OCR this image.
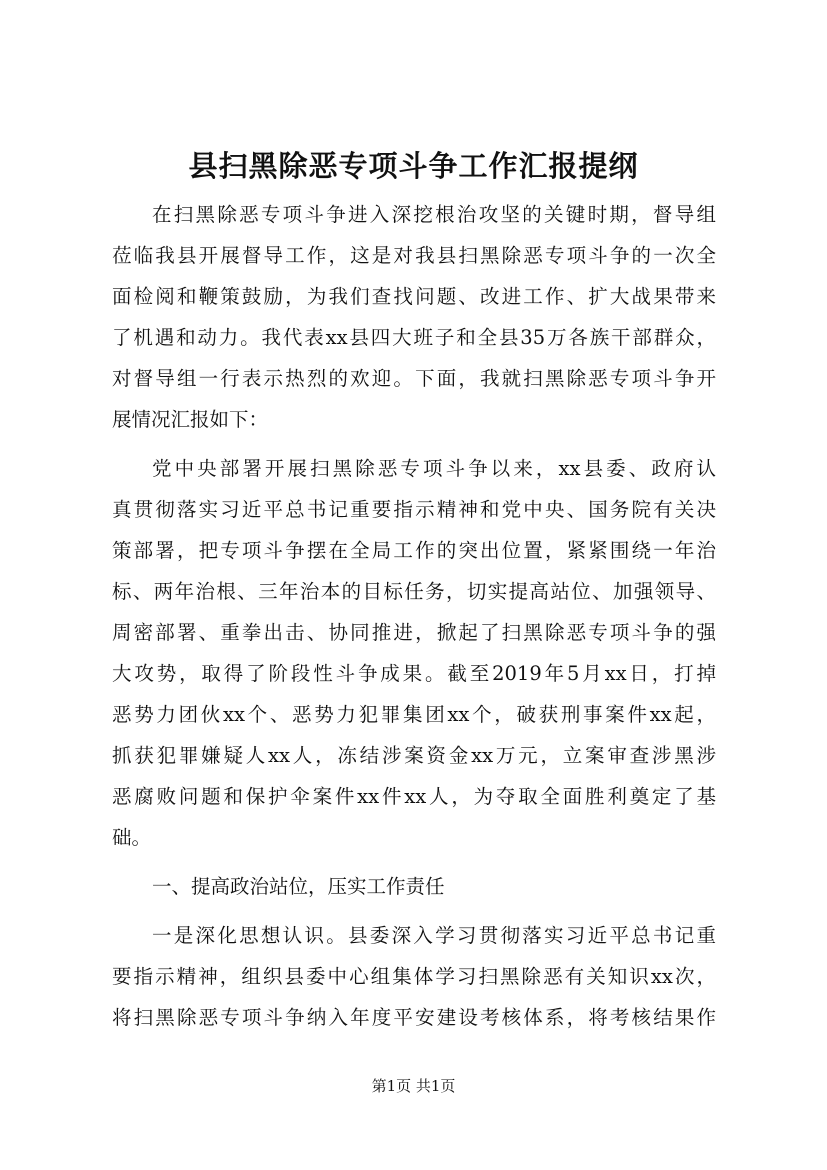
县扫黑除恶专项斗争工作汇报提纲
在扫黑除恶专项斗争进入深挖根治攻坚的关键时期，督导组
莅临我县开展督导工作，这是对我县扫黑除恶专项斗争的一次全
面检阅和鞭策鼓励，为我们查找问题、改进工作、扩大战果带来
了机遇和动力。我代表xx县四大班子和全县35万各族干部群众，
对督导组一行表示热烈的欢迎。下面，我就扫黑除恶专项斗争开
展情况汇报如下：
党中央部署开展扫黑除恶专项斗争以来，xx县委、政府认
真贯彻落实习近平总书记重要指示精神和党中央、国务院有关决
策部署，把专项斗争摆在全局工作的突出位置，紧紧围绕一年治
标、两年治根、三年治本的目标任务，切实提高站位、加强领导、
周密部署、重拳出击、协同推进，掀起了扫黑除恶专项斗争的强
大攻势，取得了阶段性斗争成果。截至2019年5月xx日，打掉
恶势力团伙xx个、恶势力犯罪集团xx个，破获刑事案件xx起，
抓获犯罪嫌疑人xx人，冻结涉案资金xx万元，立案审查涉黑涉
恶腐败问题和保护伞案件xx件xx人，为夺取全面胜利奠定了基
础。
一、提高政治站位，压实工作责任
一是深化思想认识。县委深入学习贯彻落实习近平总书记重
要指示精神，组织县委中心组集体学习扫黑除恶有关知识xx次，
将扫黑除恶专项斗争纳入年度平安建设考核体系，将考核结果作
第1页 共1页
